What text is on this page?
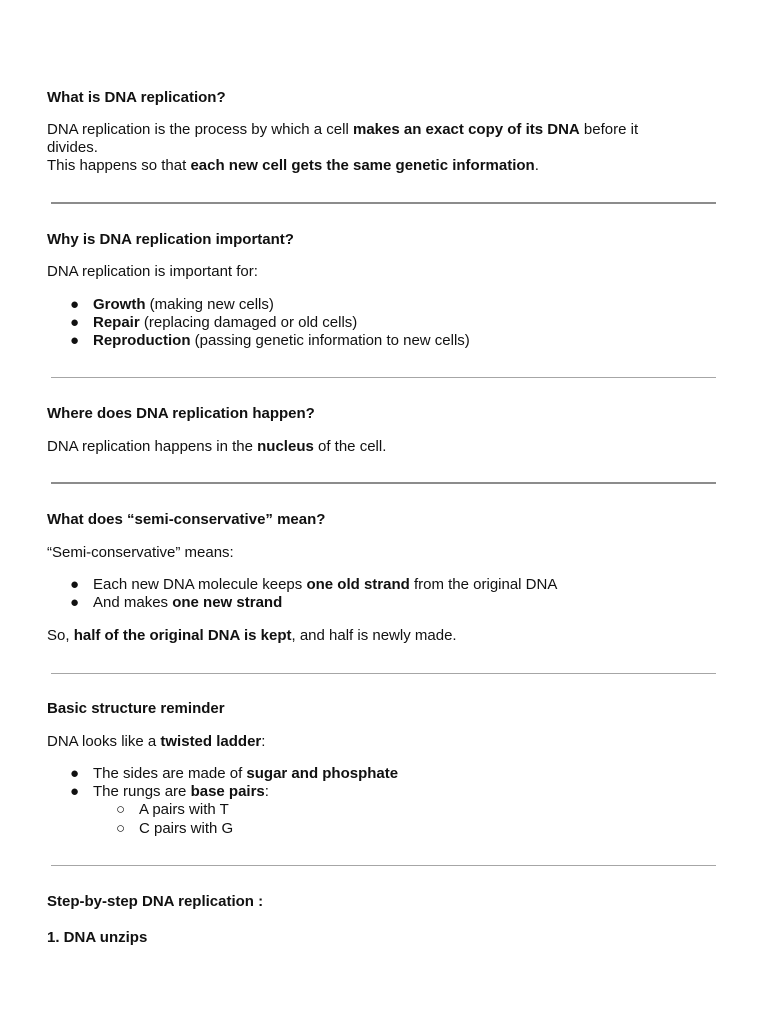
What is DNA replication?
DNA replication is the process by which a cell makes an exact copy of its DNA before it
divides.
This happens so that each new cell gets the same genetic information.
Why is DNA replication important?
DNA replication is important for:
● Growth (making new cells)
● Repair (replacing damaged or old cells)
● Reproduction (passing genetic information to new cells)
Where does DNA replication happen?
DNA replication happens in the nucleus of the cell.
What does “semi-conservative” mean?
“Semi-conservative” means:
● Each new DNA molecule keeps one old strand from the original DNA
● And makes one new strand
So, half of the original DNA is kept, and half is newly made.
Basic structure reminder
DNA looks like a twisted ladder:
● The sides are made of sugar and phosphate
● The rungs are base pairs:
○ A pairs with T
○ C pairs with G
Step-by-step DNA replication :
1. DNA unzips
